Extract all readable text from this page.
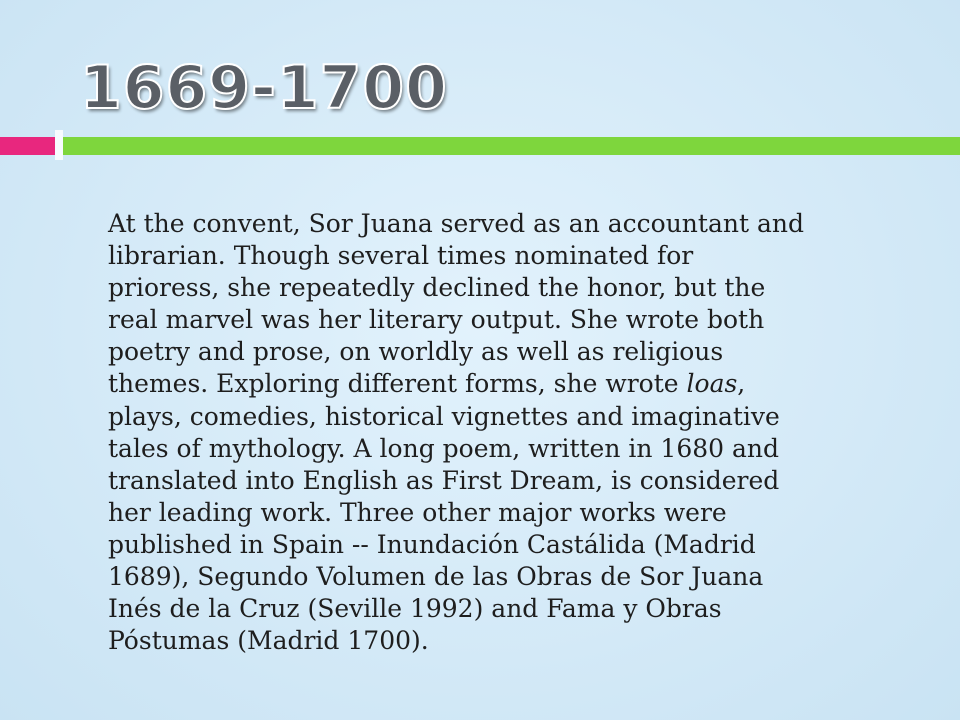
1669-1700

At the convent, Sor Juana served as an accountant and
librarian. Though several times nominated for
prioress, she repeatedly declined the honor, but the
real marvel was her literary output. She wrote both
poetry and prose, on worldly as well as religious
themes. Exploring different forms, she wrote loas,
plays, comedies, historical vignettes and imaginative
tales of mythology. A long poem, written in 1680 and
translated into English as First Dream, is considered
her leading work. Three other major works were
published in Spain -- Inundación Castálida (Madrid
1689), Segundo Volumen de las Obras de Sor Juana
Inés de la Cruz (Seville 1992) and Fama y Obras
Póstumas (Madrid 1700).
